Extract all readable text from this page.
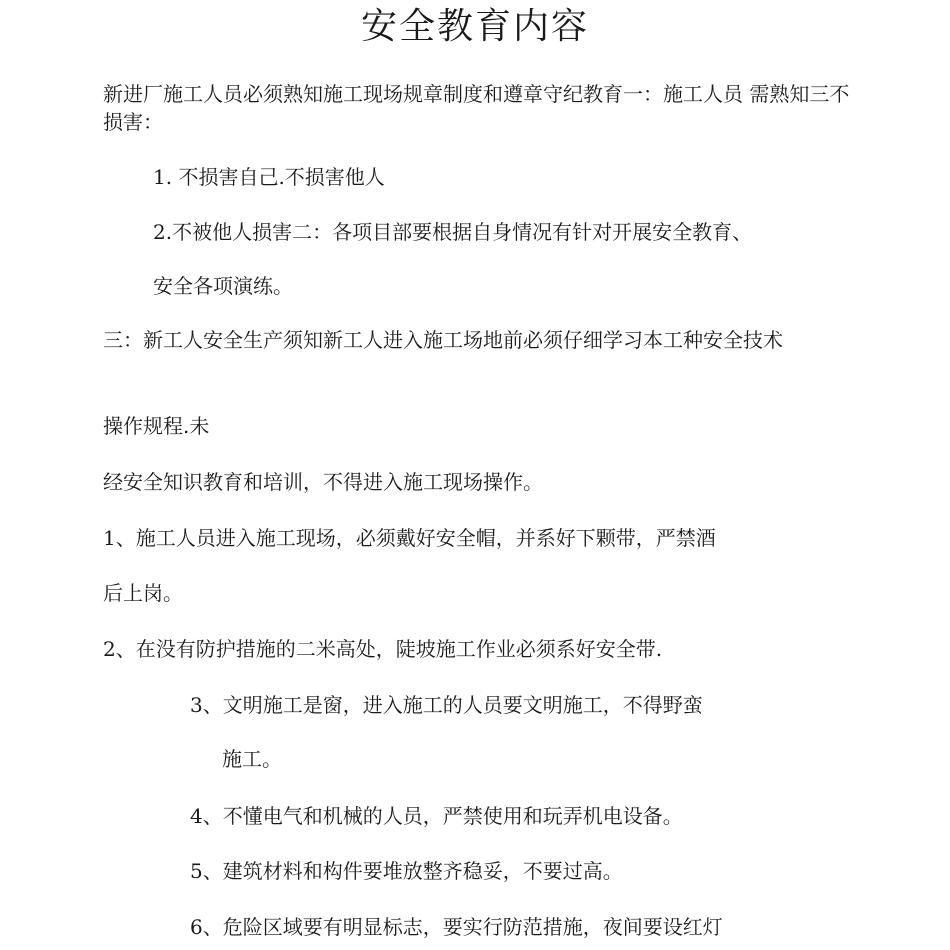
安全教育内容
新进厂施工人员必须熟知施工现场规章制度和遵章守纪教育一：施工人员 需熟知三不损害：
1. 不损害自己.不损害他人
2.不被他人损害二：各项目部要根据自身情况有针对开展安全教育、
安全各项演练。
三：新工人安全生产须知新工人进入施工场地前必须仔细学习本工种安全技术
操作规程.未
经安全知识教育和培训，不得进入施工现场操作。
1、施工人员进入施工现场，必须戴好安全帽，并系好下颗带，严禁酒
后上岗。
2、在没有防护措施的二米高处，陡坡施工作业必须系好安全带.
3、文明施工是窗，进入施工的人员要文明施工，不得野蛮
施工。
4、不懂电气和机械的人员，严禁使用和玩弄机电设备。
5、建筑材料和构件要堆放整齐稳妥，不要过高。
6、危险区域要有明显标志，要实行防范措施，夜间要设红灯
